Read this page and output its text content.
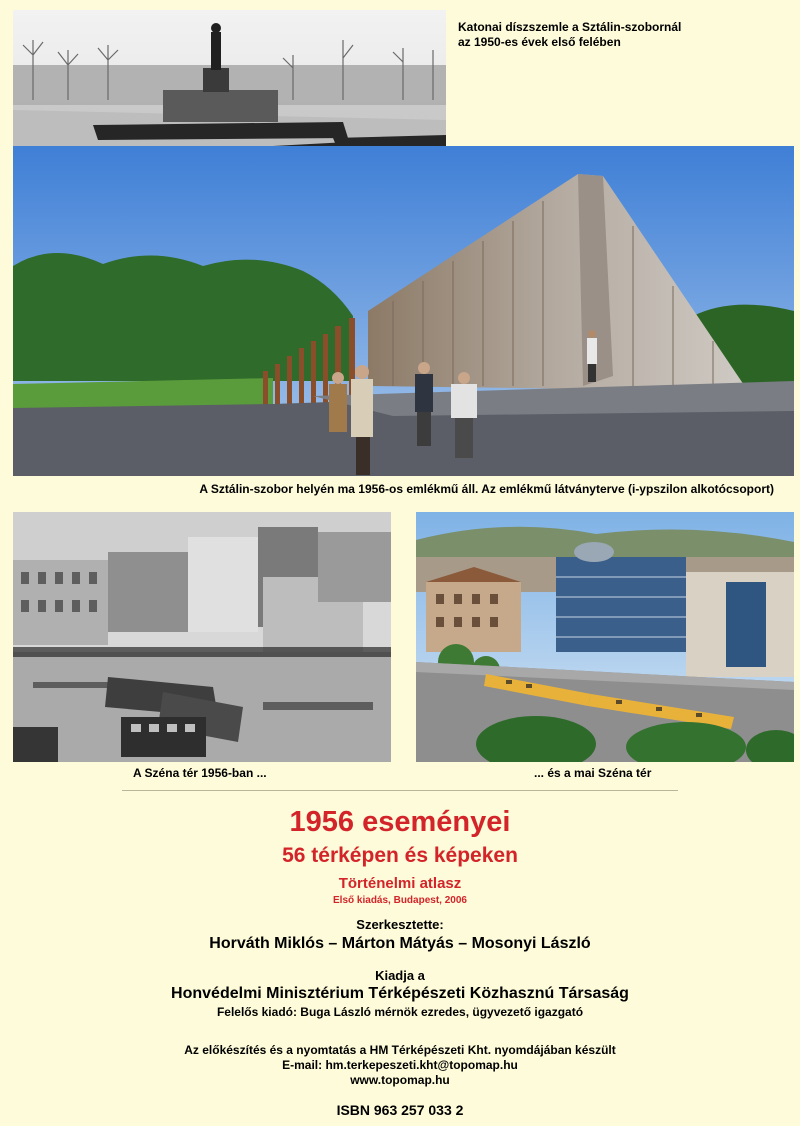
Katonai díszszemle a Sztálin-szobornál
az 1950-es évek első felében
A Sztálin-szobor helyén ma 1956-os emlékmű áll. Az emlékmű látványterve (i-ypszilon alkotócsoport)
A Széna tér 1956-ban ...	... és a mai Széna tér
1956 eseményei
56 térképen és képeken
Történelmi atlasz
Első kiadás, Budapest, 2006
Szerkesztette:
Horváth Miklós – Márton Mátyás – Mosonyi László
Kiadja a
Honvédelmi Minisztérium Térképészeti Közhasznú Társaság
Felelős kiadó: Buga László mérnök ezredes, ügyvezető igazgató
Az előkészítés és a nyomtatás a HM Térképészeti Kht. nyomdájában készült
E-mail: hm.terkepeszeti.kht@topomap.hu
www.topomap.hu
ISBN 963 257 033 2
